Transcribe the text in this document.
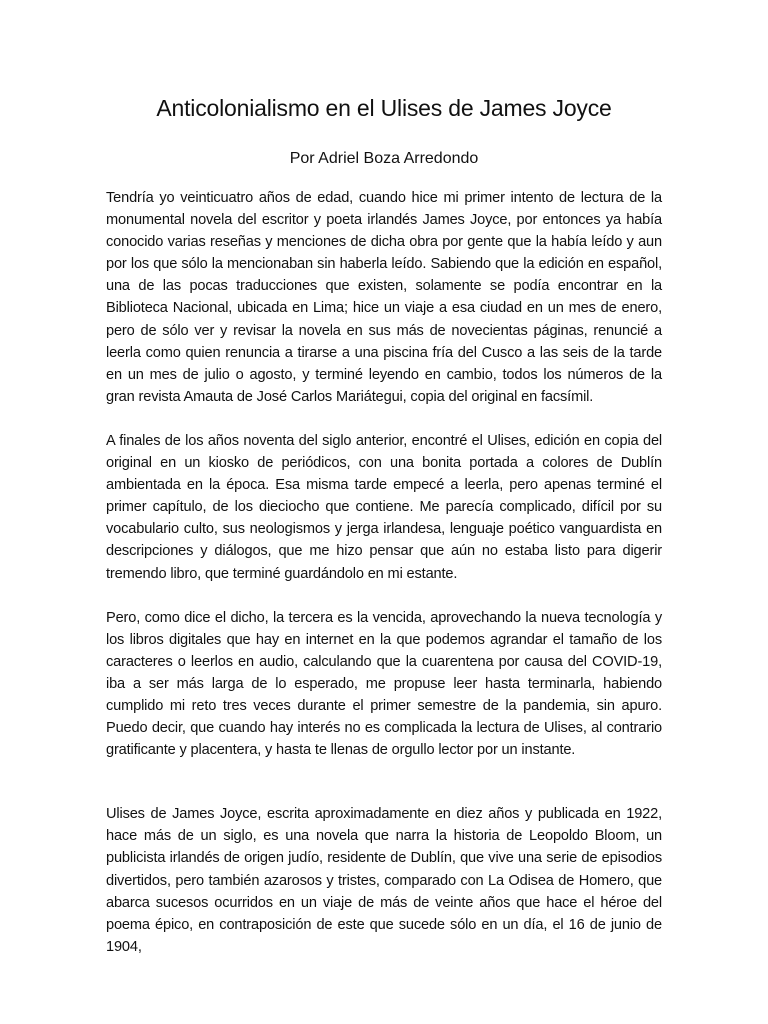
Anticolonialismo en el Ulises de James Joyce
Por Adriel Boza Arredondo

Tendría yo veinticuatro años de edad, cuando hice mi primer intento de lectura de la monumental novela del escritor y poeta irlandés James Joyce, por entonces ya había conocido varias reseñas y menciones de dicha obra por gente que la había leído y aun por los que sólo la mencionaban sin haberla leído. Sabiendo que la edición en español, una de las pocas traducciones que existen, solamente se podía encontrar en la Biblioteca Nacional, ubicada en Lima; hice un viaje a esa ciudad en un mes de enero, pero de sólo ver y revisar la novela en sus más de novecientas páginas, renuncié a leerla como quien renuncia a tirarse a una piscina fría del Cusco a las seis de la tarde en un mes de julio o agosto, y terminé leyendo en cambio, todos los números de la gran revista Amauta de José Carlos Mariátegui, copia del original en facsímil.

A finales de los años noventa del siglo anterior, encontré el Ulises, edición en copia del original en un kiosko de periódicos, con una bonita portada a colores de Dublín ambientada en la época. Esa misma tarde empecé a leerla, pero apenas terminé el primer capítulo, de los dieciocho que contiene. Me parecía complicado, difícil por su vocabulario culto, sus neologismos y jerga irlandesa, lenguaje poético vanguardista en descripciones y diálogos, que me hizo pensar que aún no estaba listo para digerir tremendo libro, que terminé guardándolo en mi estante.

Pero, como dice el dicho, la tercera es la vencida, aprovechando la nueva tecnología y los libros digitales que hay en internet en la que podemos agrandar el tamaño de los caracteres o leerlos en audio, calculando que la cuarentena por causa del COVID-19, iba a ser más larga de lo esperado, me propuse leer hasta terminarla, habiendo cumplido mi reto tres veces durante el primer semestre de la pandemia, sin apuro. Puedo decir, que cuando hay interés no es complicada la lectura de Ulises, al contrario gratificante y placentera, y hasta te llenas de orgullo lector por un instante.

Ulises de James Joyce, escrita aproximadamente en diez años y publicada en 1922, hace más de un siglo, es una novela que narra la historia de Leopoldo Bloom, un publicista irlandés de origen judío, residente de Dublín, que vive una serie de episodios divertidos, pero también azarosos y tristes, comparado con La Odisea de Homero, que abarca sucesos ocurridos en un viaje de más de veinte años que hace el héroe del poema épico, en contraposición de este que sucede sólo en un día, el 16 de junio de 1904,
